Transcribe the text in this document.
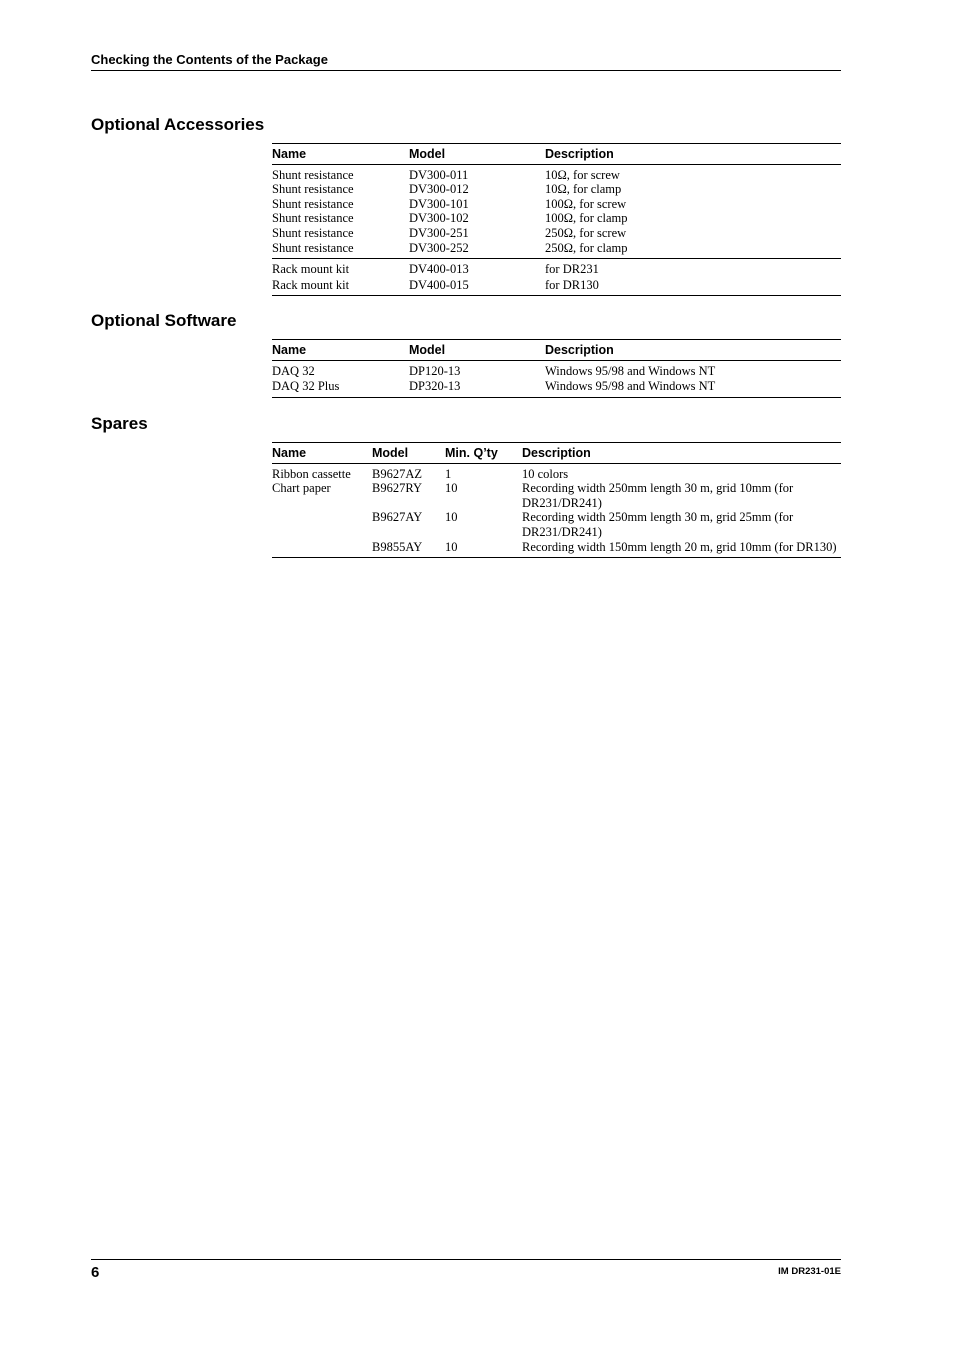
Checking the Contents of the Package
Optional Accessories
Name	Model	Description
Shunt resistance	DV300-011	10Ω, for screw
Shunt resistance	DV300-012	10Ω, for clamp
Shunt resistance	DV300-101	100Ω, for screw
Shunt resistance	DV300-102	100Ω, for clamp
Shunt resistance	DV300-251	250Ω, for screw
Shunt resistance	DV300-252	250Ω, for clamp
Rack mount kit	DV400-013	for DR231
Rack mount kit	DV400-015	for DR130
Optional Software
Name	Model	Description
DAQ 32	DP120-13	Windows 95/98 and Windows NT
DAQ 32 Plus	DP320-13	Windows 95/98 and Windows NT
Spares
Name	Model	Min. Q’ty	Description
Ribbon cassette	B9627AZ	1	10 colors
Chart paper	B9627RY	10	Recording width 250mm length 30 m, grid 10mm (for DR231/DR241)
	B9627AY	10	Recording width 250mm length 30 m, grid 25mm (for DR231/DR241)
	B9855AY	10	Recording width 150mm length 20 m, grid 10mm (for DR130)
6	IM DR231-01E
